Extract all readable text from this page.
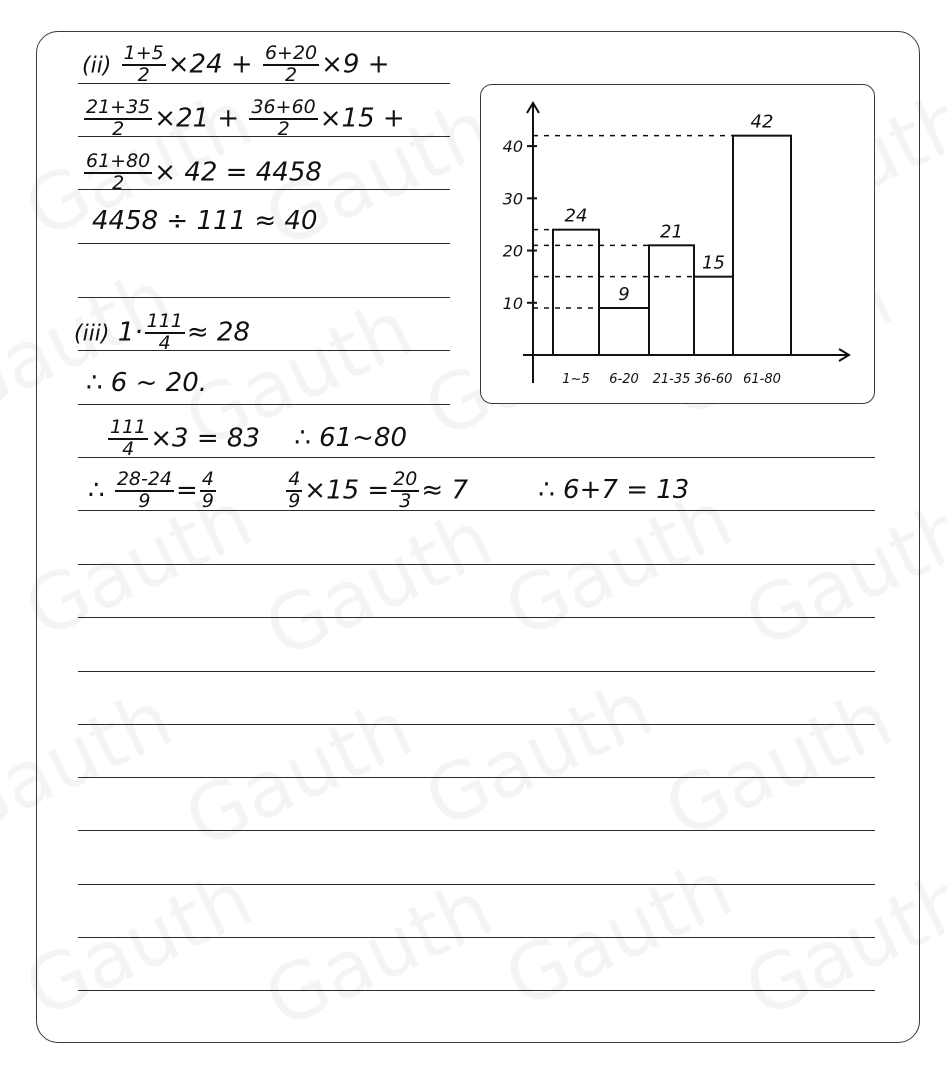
$(ii) \frac{1+5}{2} \times 24 + \frac{6+20}{2} \times 9$ +
$\frac{21+35}{2} \times 21 + \frac{36+60}{2} \times 15$ +
$\frac{61+80}{2} \times 42 = 4458$
4458 ÷ 111 ≈ 40
(iii) $1\cdot \frac{111}{4} \approx 28$
∴ 6 ~ 20.
$\frac{111}{4} \times 3 = 83$ ∴ 61~80
∴ $\frac{28-24}{9} = \frac{4}{9}$
	$\frac{4}{9} \times 15 = \frac{20}{3} \approx 7$	∴ 6+7 = 13
10
20
30
40
24
1~5
9
6-20
21
21-35
15
36-60
42
61-80
